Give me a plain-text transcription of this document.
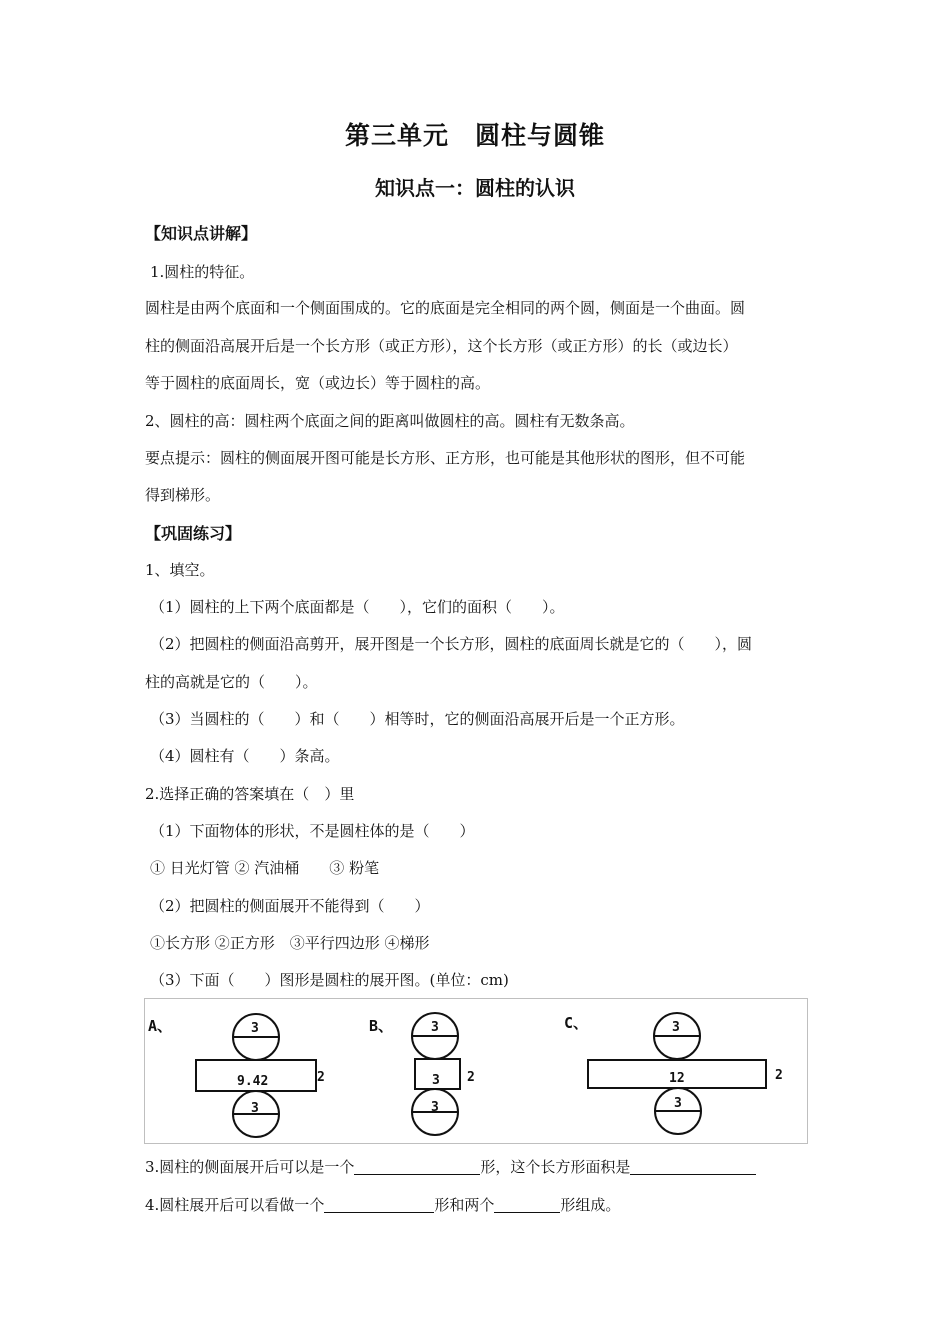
第三单元　圆柱与圆锥
知识点一：圆柱的认识
【知识点讲解】
1.圆柱的特征。
圆柱是由两个底面和一个侧面围成的。它的底面是完全相同的两个圆，侧面是一个曲面。圆
柱的侧面沿高展开后是一个长方形（或正方形），这个长方形（或正方形）的长（或边长）
等于圆柱的底面周长，宽（或边长）等于圆柱的高。
2、圆柱的高：圆柱两个底面之间的距离叫做圆柱的高。圆柱有无数条高。
要点提示：圆柱的侧面展开图可能是长方形、正方形，也可能是其他形状的图形，但不可能
得到梯形。
【巩固练习】
1、填空。
（1）圆柱的上下两个底面都是（　　），它们的面积（　　）。
（2）把圆柱的侧面沿高剪开，展开图是一个长方形，圆柱的底面周长就是它的（　　），圆
柱的高就是它的（　　）。
（3）当圆柱的（　　）和（　　）相等时，它的侧面沿高展开后是一个正方形。
（4）圆柱有（　　）条高。
2.选择正确的答案填在（　）里
（1）下面物体的形状，不是圆柱体的是（　　）
① 日光灯管 ② 汽油桶　　③ 粉笔
（2）把圆柱的侧面展开不能得到（　　）
①长方形 ②正方形　③平行四边形 ④梯形
（3）下面（　　）图形是圆柱的展开图。(单位：cm)
A、	3
9.42
3
2
B、	3
3
3
2
C、	3
12
3
2
3.圆柱的侧面展开后可以是一个	形，这个长方形面积是
4.圆柱展开后可以看做一个	形和两个	形组成。
